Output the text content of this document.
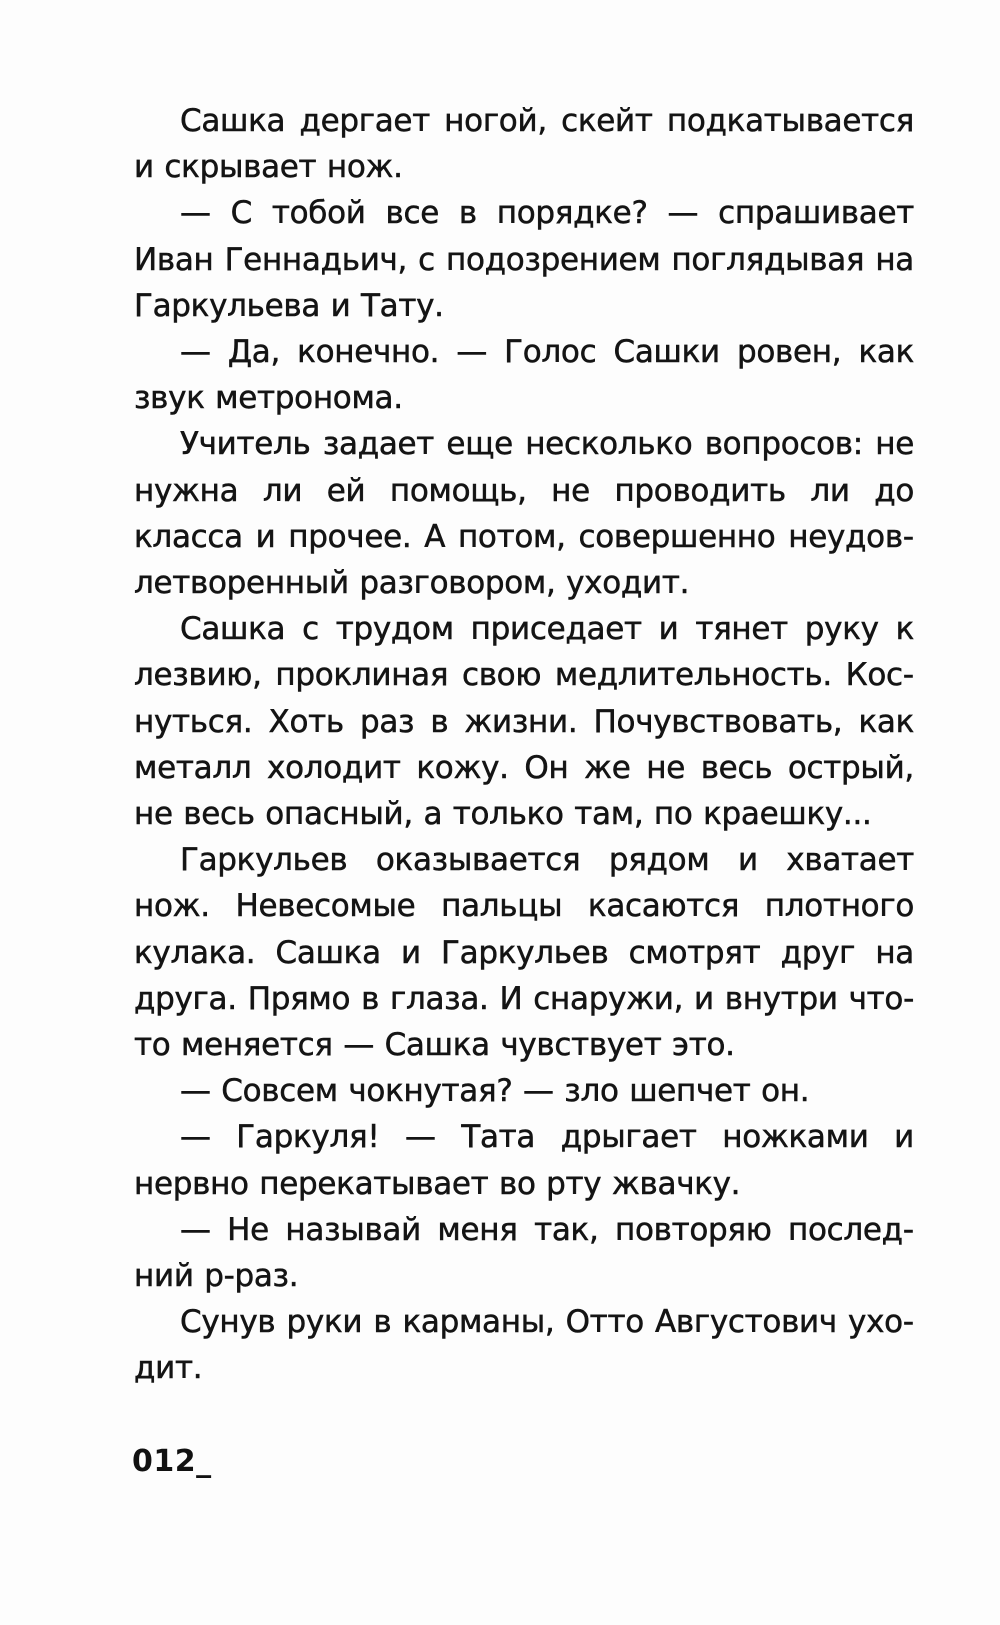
Сашка дергает ногой, скейт подкатывается и скрывает нож.

— С тобой все в порядке? — спрашивает Иван Геннадьич, с подозрением поглядывая на Гаркульева и Тату.

— Да, конечно. — Голос Сашки ровен, как звук метронома.

Учитель задает еще несколько вопросов: не нужна ли ей помощь, не проводить ли до класса и прочее. А потом, совершенно неудовлетворенный разговором, уходит.

Сашка с трудом приседает и тянет руку к лезвию, проклиная свою медлительность. Коснуться. Хоть раз в жизни. Почувствовать, как металл холодит кожу. Он же не весь острый, не весь опасный, а только там, по краешку...

Гаркульев оказывается рядом и хватает нож. Невесомые пальцы касаются плотного кулака. Сашка и Гаркульев смотрят друг на друга. Прямо в глаза. И снаружи, и внутри что-то меняется — Сашка чувствует это.

— Совсем чокнутая? — зло шепчет он.

— Гаркуля! — Тата дрыгает ножками и нервно перекатывает во рту жвачку.

— Не называй меня так, повторяю последний р-раз.

Сунув руки в карманы, Отто Августович уходит.

012_
